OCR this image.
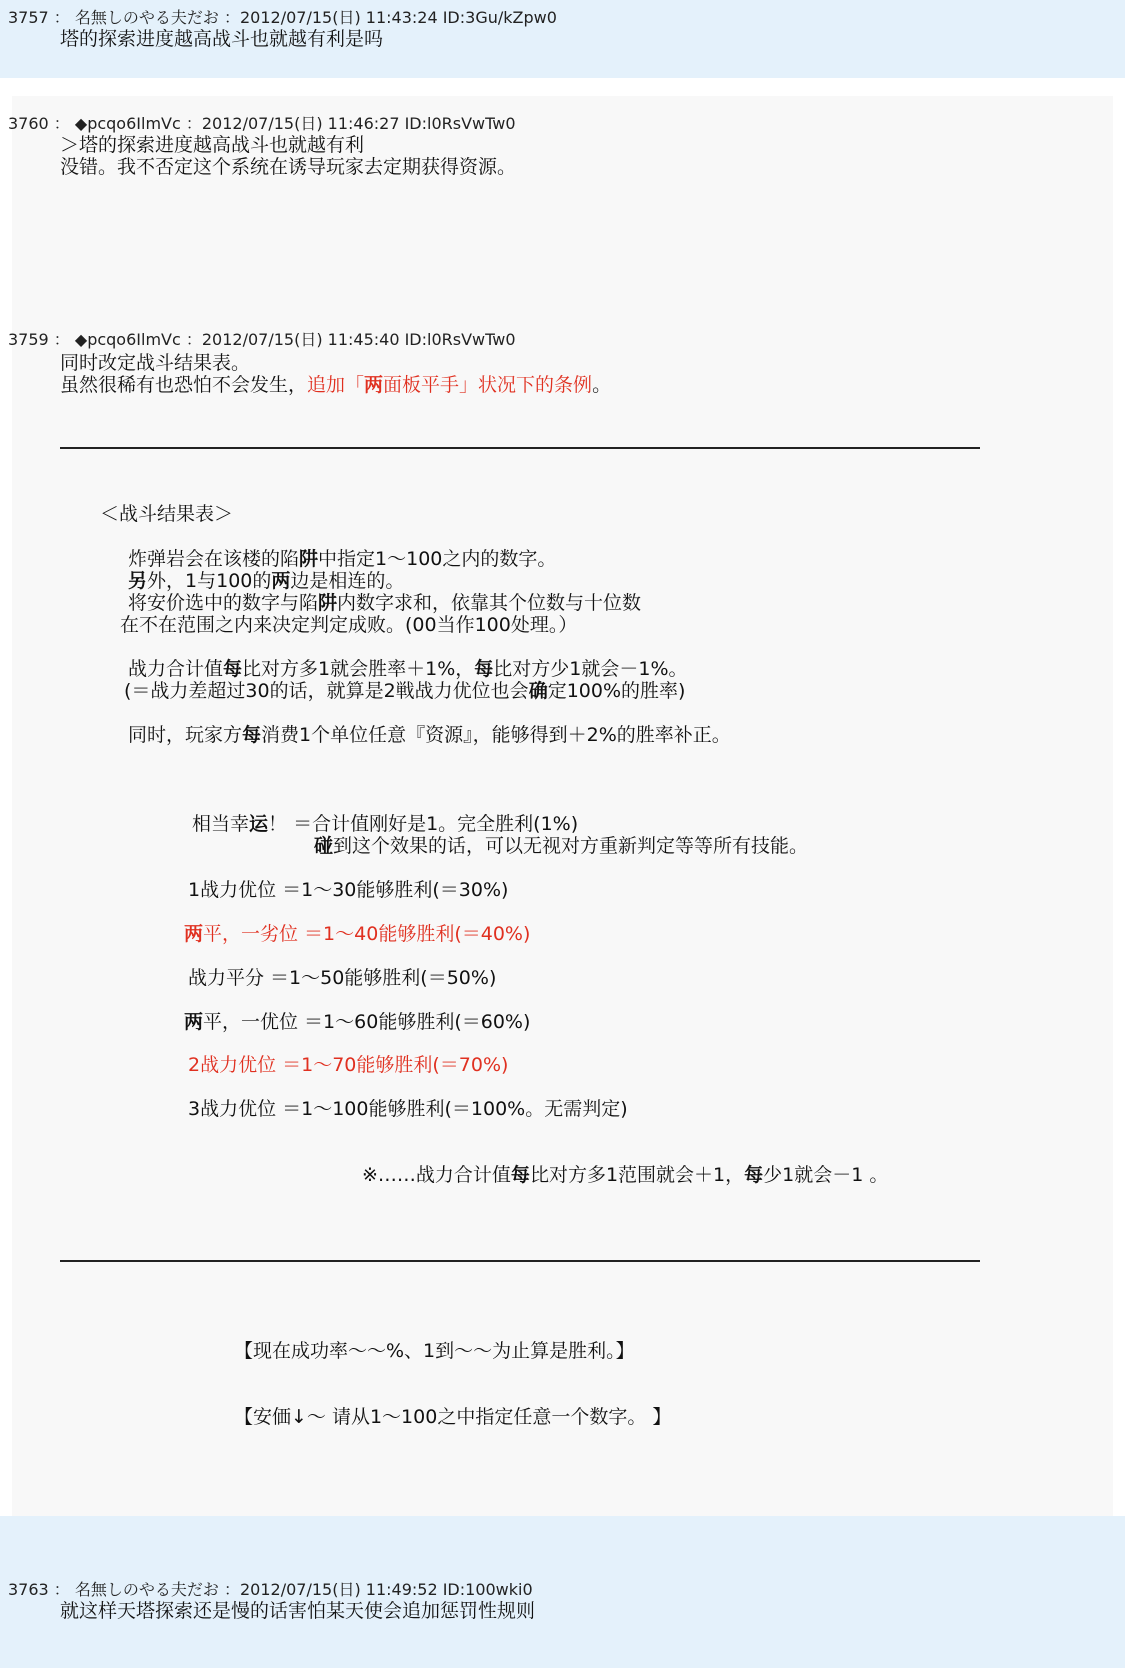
3757 ： 名無しのやる夫だお ：2012/07/15(日) 11:43:24 ID:3Gu/kZpw0
塔的探索进度越高战斗也就越有利是吗
3760 ： ◆pcqo6IlmVc ：2012/07/15(日) 11:46:27 ID:l0RsVwTw0
＞塔的探索进度越高战斗也就越有利
没错。我不否定这个系统在诱导玩家去定期获得资源。
3759 ： ◆pcqo6IlmVc ：2012/07/15(日) 11:45:40 ID:l0RsVwTw0
同时改定战斗结果表。
虽然很稀有也恐怕不会发生，追加「两面板平手」状况下的条例。
＜战斗结果表＞
炸弹岩会在该楼的陷阱中指定1～100之内的数字。
另外，1与100的两边是相连的。
将安价选中的数字与陷阱内数字求和，依靠其个位数与十位数
在不在范围之内来决定判定成败。(00当作100处理。）
战力合计值每比对方多1就会胜率＋1%，每比对方少1就会－1%。
(＝战力差超过30的话，就算是2戦战力优位也会确定100%的胜率)
同时，玩家方每消费1个单位任意『资源』，能够得到＋2%的胜率补正。
相当幸运！ ＝合计值刚好是1。完全胜利(1%)
碰到这个效果的话，可以无视对方重新判定等等所有技能。
1战力优位 ＝1～30能够胜利(＝30%)
两平，一劣位 ＝1～40能够胜利(＝40%)
战力平分 ＝1～50能够胜利(＝50%)
两平，一优位 ＝1～60能够胜利(＝60%)
2战力优位 ＝1～70能够胜利(＝70%)
3战力优位 ＝1～100能够胜利(＝100%。无需判定)
※……战力合计值每比对方多1范围就会＋1，每少1就会－1 。
【现在成功率～～%、1到～～为止算是胜利。】
【安価↓～ 请从1～100之中指定任意一个数字。 】
3763 ： 名無しのやる夫だお ：2012/07/15(日) 11:49:52 ID:100wki0
就这样天塔探索还是慢的话害怕某天使会追加惩罚性规则
